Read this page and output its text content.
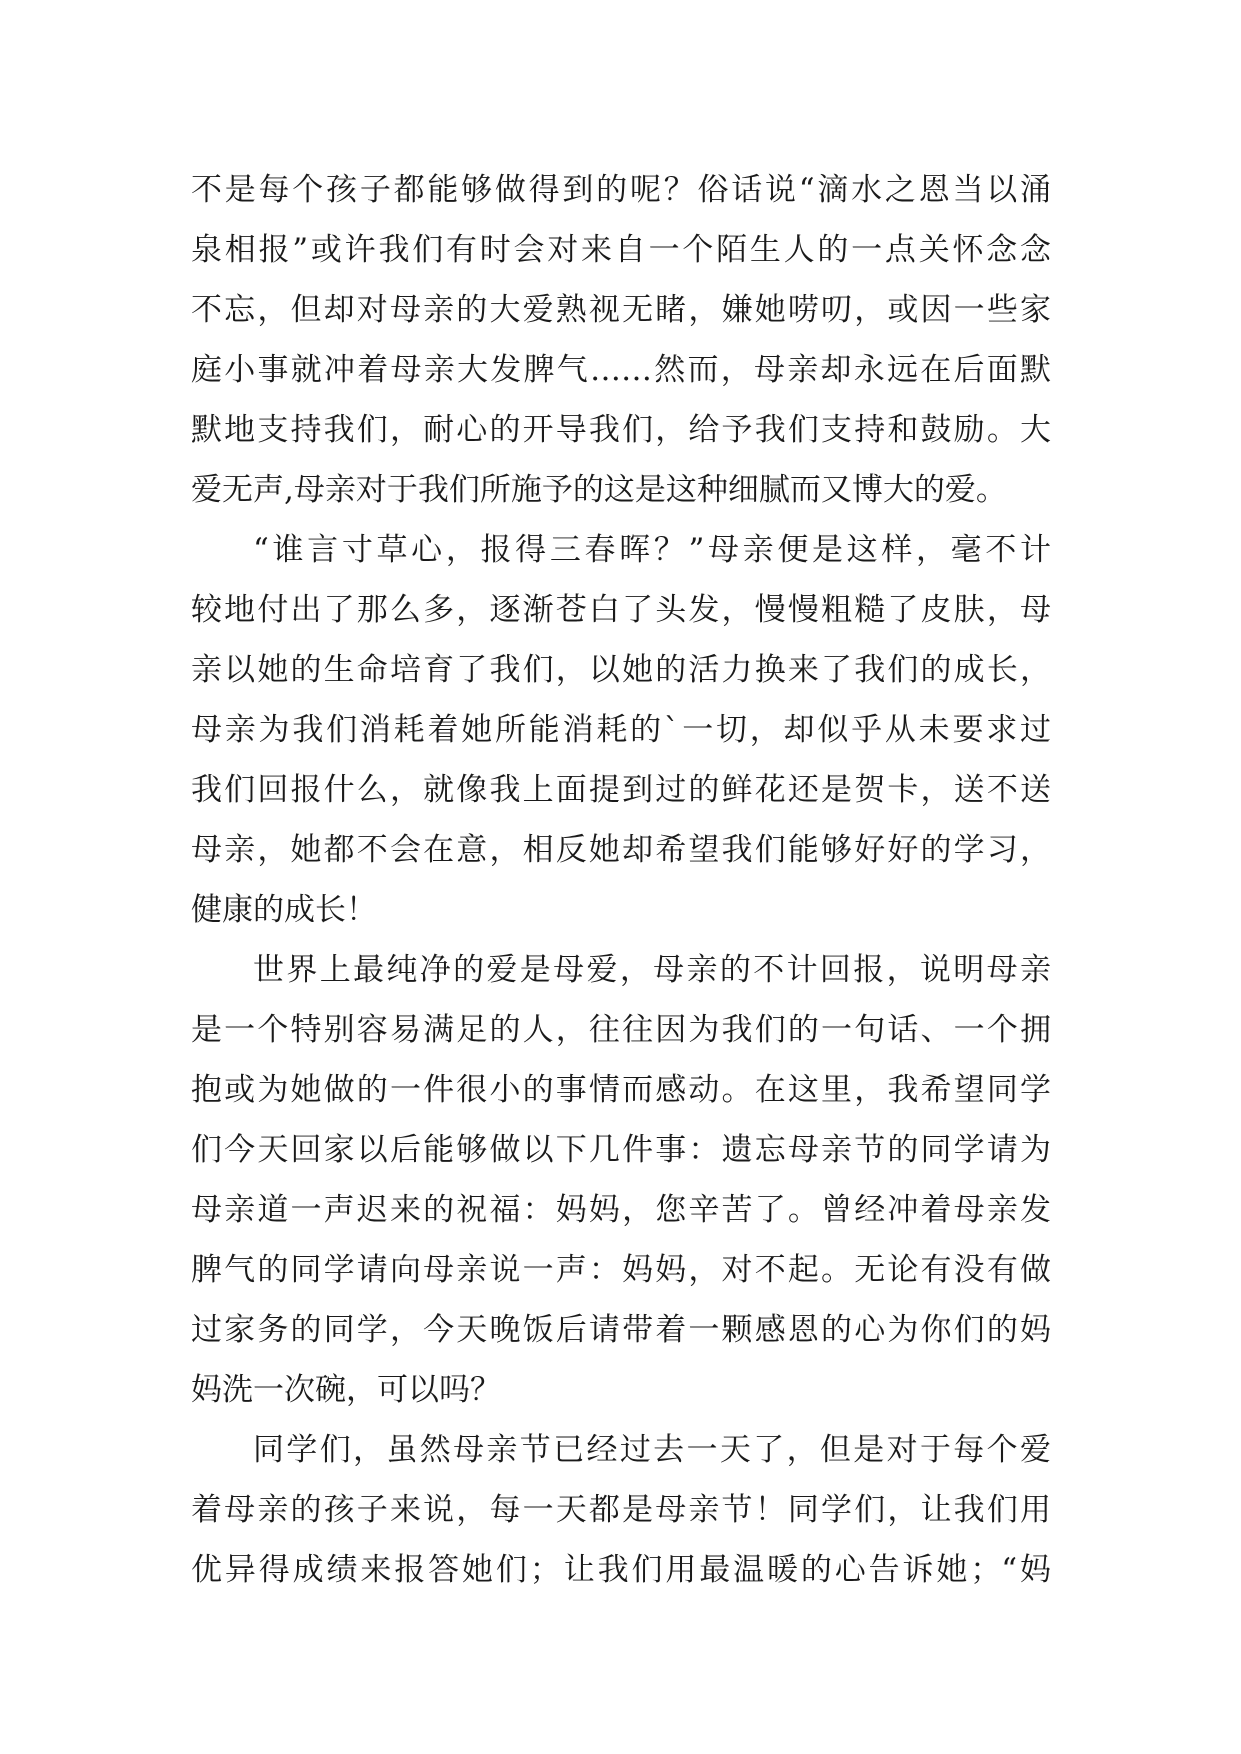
不是每个孩子都能够做得到的呢？俗话说“滴水之恩当以涌
泉相报”或许我们有时会对来自一个陌生人的一点关怀念念
不忘，但却对母亲的大爱熟视无睹，嫌她唠叨，或因一些家
庭小事就冲着母亲大发脾气……然而，母亲却永远在后面默
默地支持我们，耐心的开导我们，给予我们支持和鼓励。大
爱无声,母亲对于我们所施予的这是这种细腻而又博大的爱。
“谁言寸草心，报得三春晖？”母亲便是这样，毫不计
较地付出了那么多，逐渐苍白了头发，慢慢粗糙了皮肤，母
亲以她的生命培育了我们，以她的活力换来了我们的成长，
母亲为我们消耗着她所能消耗的`一切，却似乎从未要求过
我们回报什么，就像我上面提到过的鲜花还是贺卡，送不送
母亲，她都不会在意，相反她却希望我们能够好好的学习，
健康的成长！
世界上最纯净的爱是母爱，母亲的不计回报，说明母亲
是一个特别容易满足的人，往往因为我们的一句话、一个拥
抱或为她做的一件很小的事情而感动。在这里，我希望同学
们今天回家以后能够做以下几件事：遗忘母亲节的同学请为
母亲道一声迟来的祝福：妈妈，您辛苦了。曾经冲着母亲发
脾气的同学请向母亲说一声：妈妈，对不起。无论有没有做
过家务的同学，今天晚饭后请带着一颗感恩的心为你们的妈
妈洗一次碗，可以吗？
同学们，虽然母亲节已经过去一天了，但是对于每个爱
着母亲的孩子来说，每一天都是母亲节！同学们，让我们用
优异得成绩来报答她们；让我们用最温暖的心告诉她；“妈
